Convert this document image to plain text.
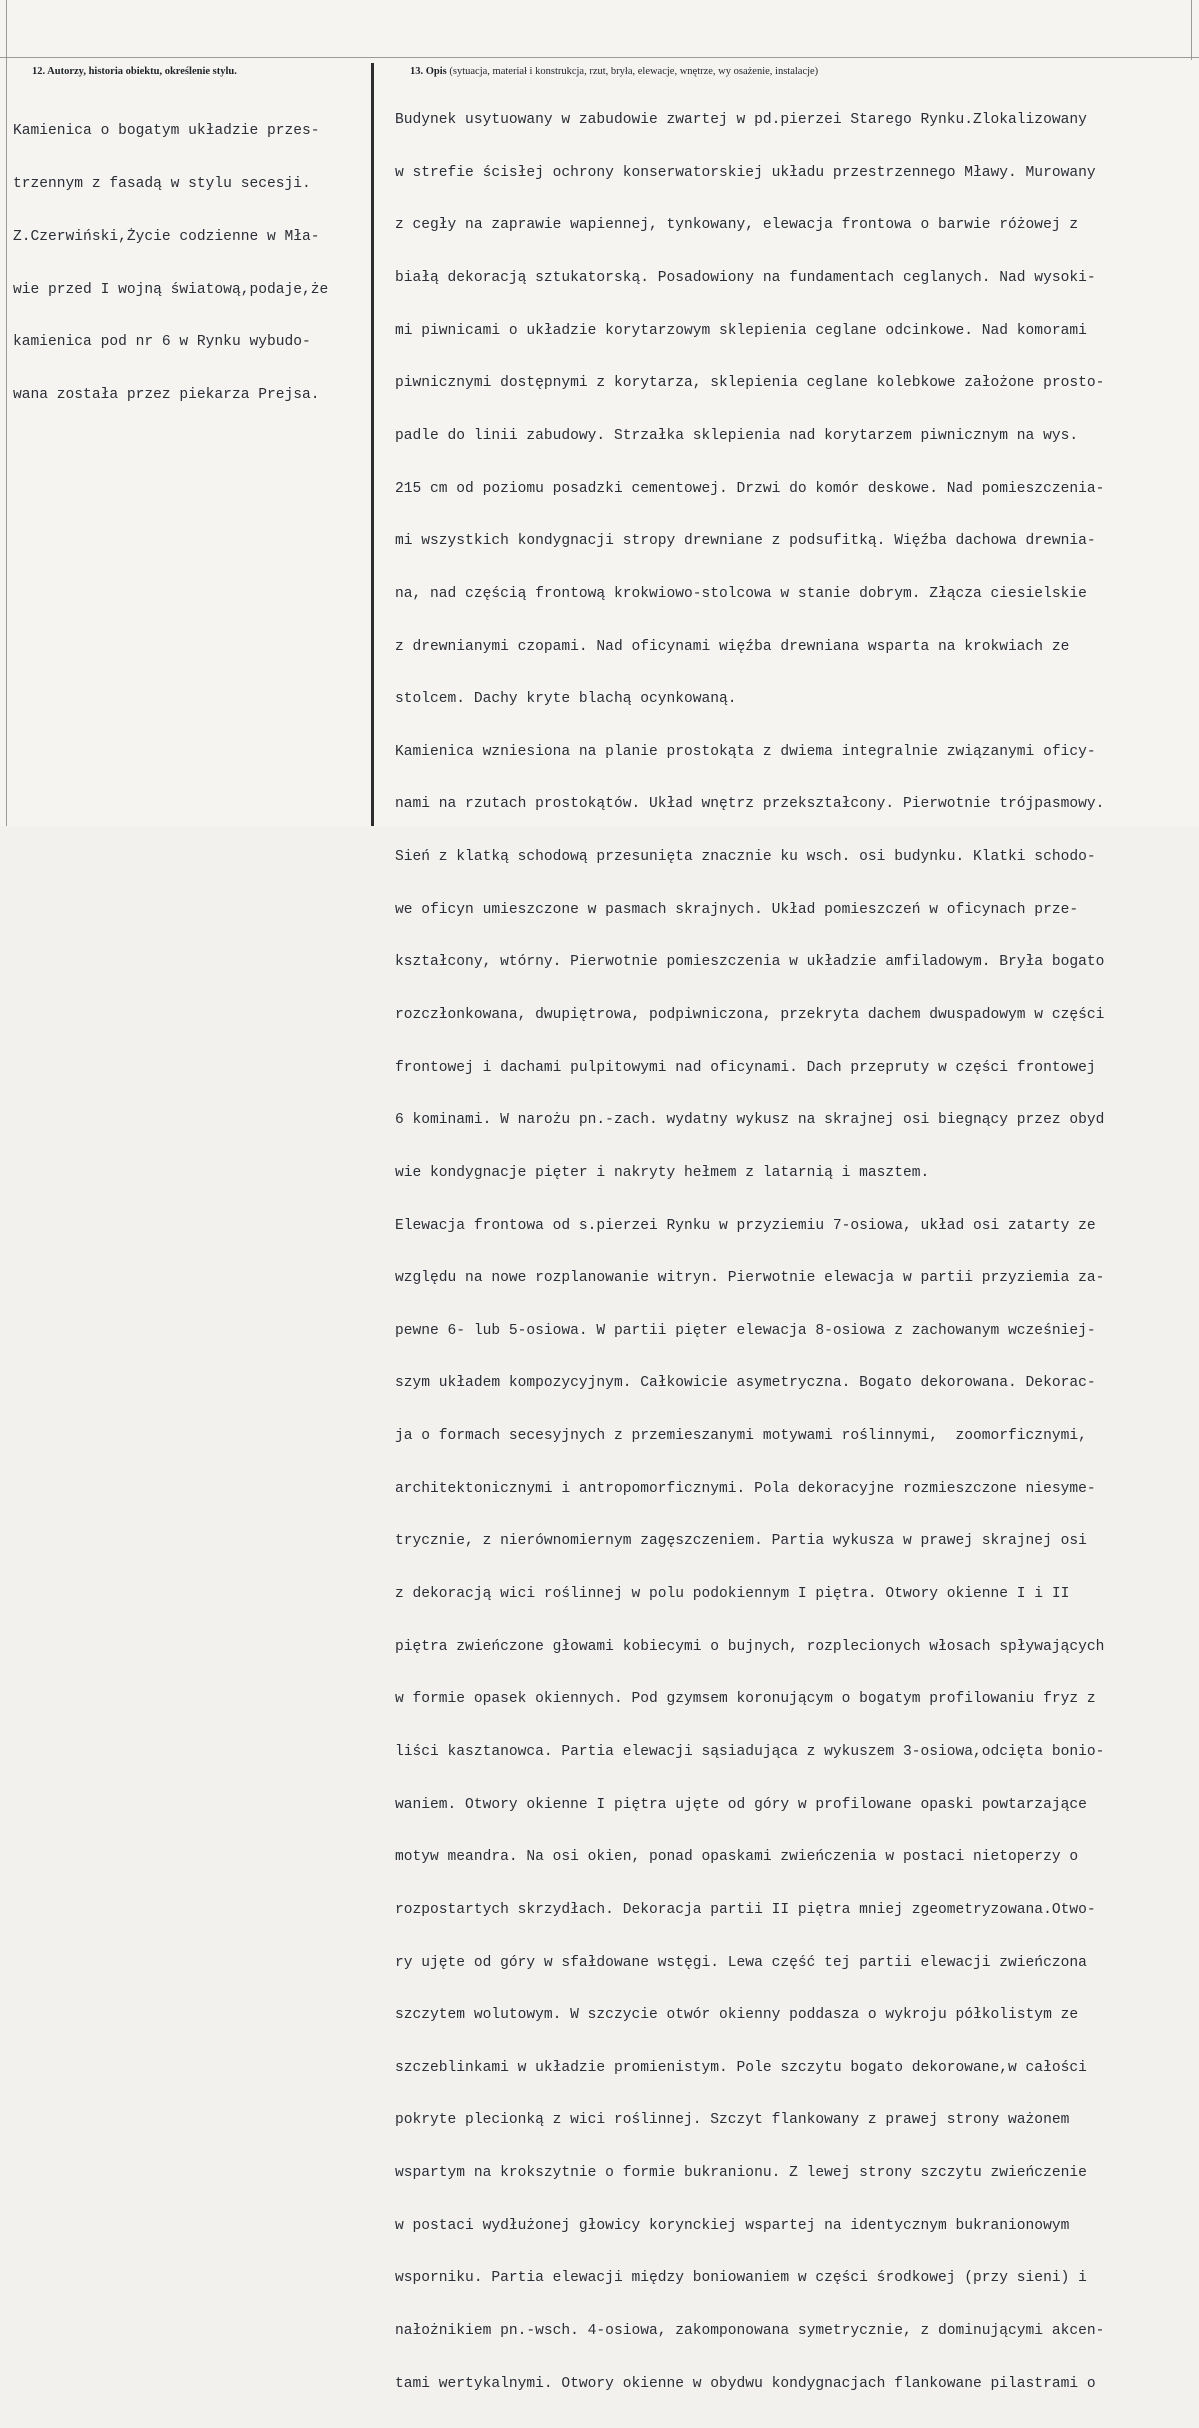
12. Autorzy, historia obiektu, określenie stylu.	13. Opis (sytuacja, materiał i konstrukcja, rzut, bryła, elewacje, wnętrze, wy osażenie, instalacje)

Kamienica o bogatym układzie przes-

trzennym z fasadą w stylu secesji.

Z.Czerwiński,Życie codzienne w Mła-

wie przed I wojną światową,podaje,że

kamienica pod nr 6 w Rynku wybudo-

wana została przez piekarza Prejsa.

Budynek usytuowany w zabudowie zwartej w pd.pierzei Starego Rynku.Zlokalizowany

w strefie ścisłej ochrony konserwatorskiej układu przestrzennego Mławy. Murowany

z cegły na zaprawie wapiennej, tynkowany, elewacja frontowa o barwie różowej z

białą dekoracją sztukatorską. Posadowiony na fundamentach ceglanych. Nad wysoki-

mi piwnicami o układzie korytarzowym sklepienia ceglane odcinkowe. Nad komorami

piwnicznymi dostępnymi z korytarza, sklepienia ceglane kolebkowe założone prosto-

padle do linii zabudowy. Strzałka sklepienia nad korytarzem piwnicznym na wys.

215 cm od poziomu posadzki cementowej. Drzwi do komór deskowe. Nad pomieszczenia-

mi wszystkich kondygnacji stropy drewniane z podsufitką. Więźba dachowa drewnia-

na, nad częścią frontową krokwiowo-stolcowa w stanie dobrym. Złącza ciesielskie

z drewnianymi czopami. Nad oficynami więźba drewniana wsparta na krokwiach ze

stolcem. Dachy kryte blachą ocynkowaną.

Kamienica wzniesiona na planie prostokąta z dwiema integralnie związanymi oficy-

nami na rzutach prostokątów. Układ wnętrz przekształcony. Pierwotnie trójpasmowy.

Sień z klatką schodową przesunięta znacznie ku wsch. osi budynku. Klatki schodo-

we oficyn umieszczone w pasmach skrajnych. Układ pomieszczeń w oficynach prze-

kształcony, wtórny. Pierwotnie pomieszczenia w układzie amfiladowym. Bryła bogato

rozczłonkowana, dwupiętrowa, podpiwniczona, przekryta dachem dwuspadowym w części

frontowej i dachami pulpitowymi nad oficynami. Dach przepruty w części frontowej

6 kominami. W narożu pn.-zach. wydatny wykusz na skrajnej osi biegnący przez obyd

wie kondygnacje pięter i nakryty hełmem z latarnią i masztem.

Elewacja frontowa od s.pierzei Rynku w przyziemiu 7-osiowa, układ osi zatarty ze

względu na nowe rozplanowanie witryn. Pierwotnie elewacja w partii przyziemia za-

pewne 6- lub 5-osiowa. W partii pięter elewacja 8-osiowa z zachowanym wcześniej-

szym układem kompozycyjnym. Całkowicie asymetryczna. Bogato dekorowana. Dekorac-

ja o formach secesyjnych z przemieszanymi motywami roślinnymi,  zoomorficznymi,

architektonicznymi i antropomorficznymi. Pola dekoracyjne rozmieszczone niesyme-

trycznie, z nierównomiernym zagęszczeniem. Partia wykusza w prawej skrajnej osi

z dekoracją wici roślinnej w polu podokiennym I piętra. Otwory okienne I i II

piętra zwieńczone głowami kobiecymi o bujnych, rozplecionych włosach spływających

w formie opasek okiennych. Pod gzymsem koronującym o bogatym profilowaniu fryz z

liści kasztanowca. Partia elewacji sąsiadująca z wykuszem 3-osiowa,odcięta bonio-

waniem. Otwory okienne I piętra ujęte od góry w profilowane opaski powtarzające

motyw meandra. Na osi okien, ponad opaskami zwieńczenia w postaci nietoperzy o

rozpostartych skrzydłach. Dekoracja partii II piętra mniej zgeometryzowana.Otwo-

ry ujęte od góry w sfałdowane wstęgi. Lewa część tej partii elewacji zwieńczona

szczytem wolutowym. W szczycie otwór okienny poddasza o wykroju półkolistym ze

szczeblinkami w układzie promienistym. Pole szczytu bogato dekorowane,w całości

pokryte plecionką z wici roślinnej. Szczyt flankowany z prawej strony ważonem

wspartym na krokszytnie o formie bukranionu. Z lewej strony szczytu zwieńczenie

w postaci wydłużonej głowicy korynckiej wspartej na identycznym bukranionowym

wsporniku. Partia elewacji między boniowaniem w części środkowej (przy sieni) i

nałożnikiem pn.-wsch. 4-osiowa, zakomponowana symetrycznie, z dominującymi akcen-

tami wertykalnymi. Otwory okienne w obydwu kondygnacjach flankowane pilastrami o
